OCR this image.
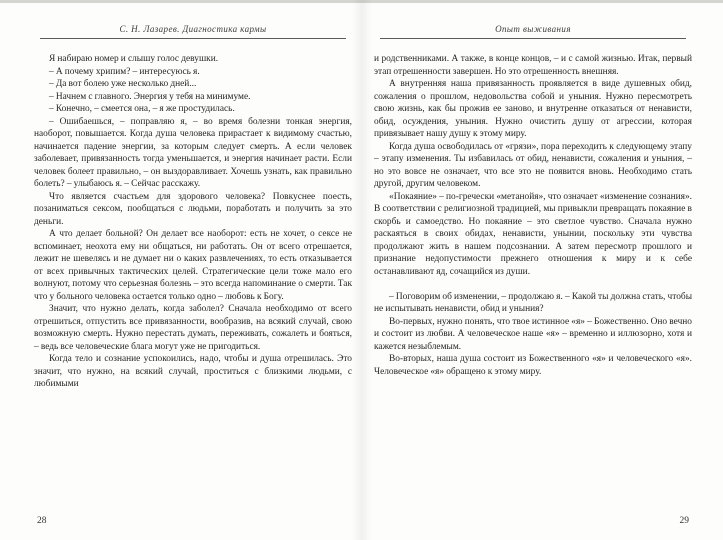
С. Н. Лазарев. Диагностика кармы

Я набираю номер и слышу голос девушки.

– А почему хрипим? – интересуюсь я.

– Да вот болею уже несколько дней...

– Начнем с главного. Энергия у тебя на минимуме.

– Конечно, – смеется она, – я же простудилась.

– Ошибаешься, – поправляю я, – во время болезни тонкая энергия, наоборот, повышается. Когда душа человека прирастает к видимому счастью, начинается падение энергии, за которым следует смерть. А если человек заболевает, привязанность тогда уменьшается, и энергия начинает расти. Если человек болеет правильно, – он выздоравливает. Хочешь узнать, как правильно болеть? – улыбаюсь я. – Сейчас расскажу.

Что является счастьем для здорового человека? Повкуснее поесть, позаниматься сексом, пообщаться с людьми, поработать и получить за это деньги.

А что делает больной? Он делает все наоборот: есть не хочет, о сексе не вспоминает, неохота ему ни общаться, ни работать. Он от всего отрешается, лежит не шевелясь и не думает ни о каких развлечениях, то есть отказывается от всех привычных тактических целей. Стратегические цели тоже мало его волнуют, потому что серьезная болезнь – это всегда напоминание о смерти. Так что у больного человека остается только одно – любовь к Богу.

Значит, что нужно делать, когда заболел? Сначала необходимо от всего отрешиться, отпустить все привязанности, вообразив, на всякий случай, свою возможную смерть. Нужно перестать думать, переживать, сожалеть и бояться, – ведь все человеческие блага могут уже не пригодиться.

Когда тело и сознание успокоились, надо, чтобы и душа отрешилась. Это значит, что нужно, на всякий случай, проститься с близкими людьми, с любимыми

28
Опыт выживания

и родственниками. А также, в конце концов, – и с самой жизнью. Итак, первый этап отрешенности завершен. Но это отрешенность внешняя.

А внутренняя наша привязанность проявляется в виде душевных обид, сожаления о прошлом, недовольства собой и уныния. Нужно пересмотреть свою жизнь, как бы прожив ее заново, и внутренне отказаться от ненависти, обид, осуждения, уныния. Нужно очистить душу от агрессии, которая привязывает нашу душу к этому миру.

Когда душа освободилась от «грязи», пора переходить к следующему этапу – этапу изменения. Ты избавилась от обид, ненависти, сожаления и уныния, – но это вовсе не означает, что все это не появится вновь. Необходимо стать другой, другим человеком.

«Покаяние» – по-гречески «метанойя», что означает «изменение сознания». В соответствии с религиозной традицией, мы привыкли превращать покаяние в скорбь и самоедство. Но покаяние – это светлое чувство. Сначала нужно раскаяться в своих обидах, ненависти, унынии, поскольку эти чувства продолжают жить в нашем подсознании. А затем пересмотр прошлого и признание недопустимости прежнего отношения к миру и к себе останавливают яд, сочащийся из души.

– Поговорим об изменении, – продолжаю я. – Какой ты должна стать, чтобы не испытывать ненависти, обид и уныния?

Во-первых, нужно понять, что твое истинное «я» – Божественно. Оно вечно и состоит из любви. А человеческое наше «я» – временно и иллюзорно, хотя и кажется незыблемым.

Во-вторых, наша душа состоит из Божественного «я» и человеческого «я». Человеческое «я» обращено к этому миру.

29
